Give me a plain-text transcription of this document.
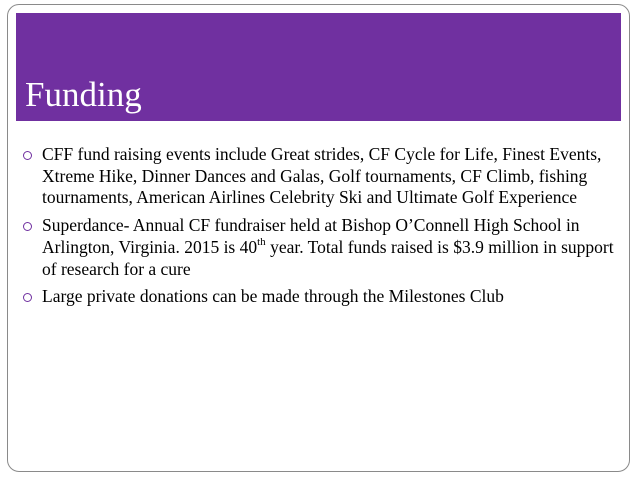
Funding
CFF fund raising events include Great strides, CF Cycle for Life, Finest Events, Xtreme Hike, Dinner Dances and Galas, Golf tournaments, CF Climb, fishing tournaments, American Airlines Celebrity Ski and Ultimate Golf Experience
Superdance- Annual CF fundraiser held at Bishop O’Connell High School in Arlington, Virginia. 2015 is 40th year. Total funds raised is $3.9 million in support of research for a cure
Large private donations can be made through the Milestones Club
